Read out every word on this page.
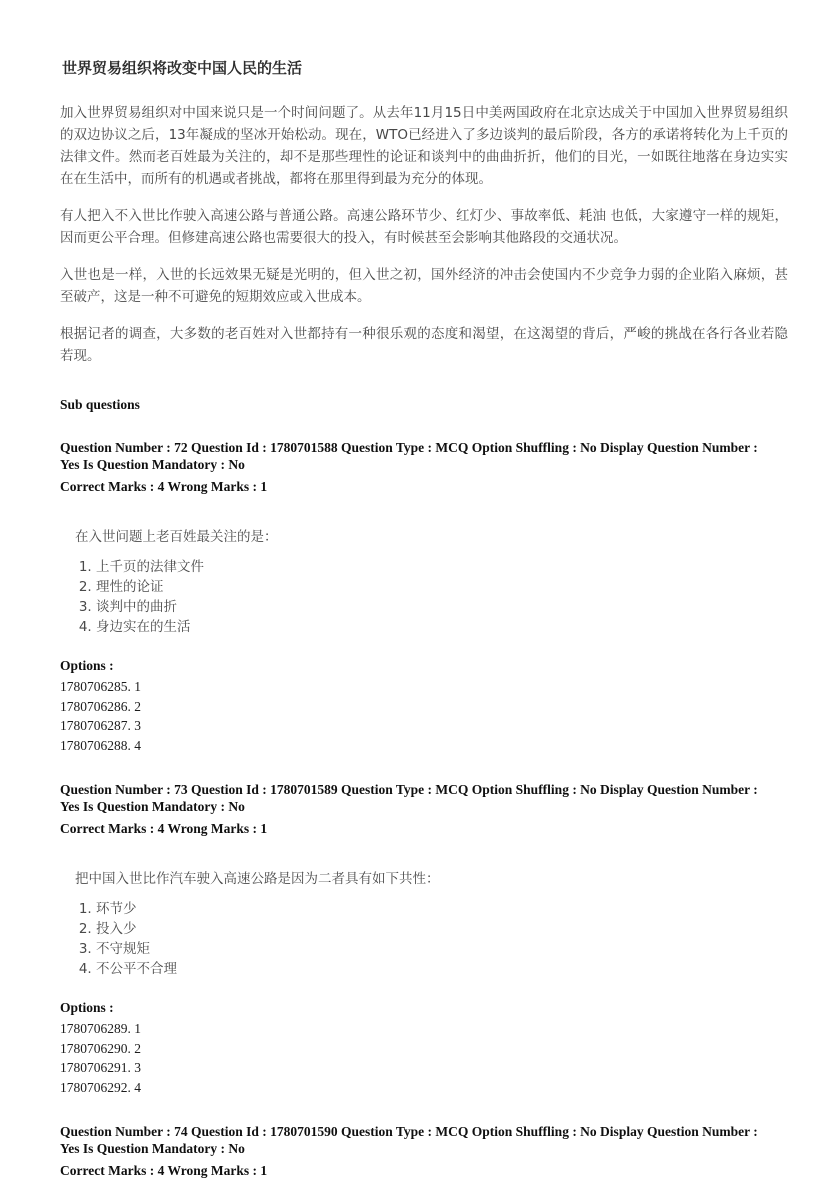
世界贸易组织将改变中国人民的生活

加入世界贸易组织对中国来说只是一个时间问题了。从去年11月15日中美两国政府在北京达成关于中国加入世界贸易组织的双边协议之后，13年凝成的坚冰开始松动。现在，WTO已经进入了多边谈判的最后阶段，各方的承诺将转化为上千页的法律文件。然而老百姓最为关注的，却不是那些理性的论证和谈判中的曲曲折折，他们的目光，一如既往地落在身边实实在在生活中，而所有的机遇或者挑战，都将在那里得到最为充分的体现。

有人把入不入世比作驶入高速公路与普通公路。高速公路环节少、红灯少、事故率低、耗油 也低，大家遵守一样的规矩，因而更公平合理。但修建高速公路也需要很大的投入，有时候甚至会影响其他路段的交通状况。

入世也是一样，入世的长远效果无疑是光明的，但入世之初，国外经济的冲击会使国内不少竞争力弱的企业陷入麻烦，甚至破产，这是一种不可避免的短期效应或入世成本。

根据记者的调查，大多数的老百姓对入世都持有一种很乐观的态度和渴望，在这渴望的背后，严峻的挑战在各行各业若隐若现。

Sub questions
Question Number : 72 Question Id : 1780701588 Question Type : MCQ Option Shuffling : No Display Question Number : Yes Is Question Mandatory : No
Correct Marks : 4 Wrong Marks : 1
在入世问题上老百姓最关注的是：
1. 上千页的法律文件
2. 理性的论证
3. 谈判中的曲折
4. 身边实在的生活
Options :
1780706285. 1
1780706286. 2
1780706287. 3
1780706288. 4
Question Number : 73 Question Id : 1780701589 Question Type : MCQ Option Shuffling : No Display Question Number : Yes Is Question Mandatory : No
Correct Marks : 4 Wrong Marks : 1
把中国入世比作汽车驶入高速公路是因为二者具有如下共性：
1. 环节少
2. 投入少
3. 不守规矩
4. 不公平不合理
Options :
1780706289. 1
1780706290. 2
1780706291. 3
1780706292. 4
Question Number : 74 Question Id : 1780701590 Question Type : MCQ Option Shuffling : No Display Question Number : Yes Is Question Mandatory : No
Correct Marks : 4 Wrong Marks : 1
